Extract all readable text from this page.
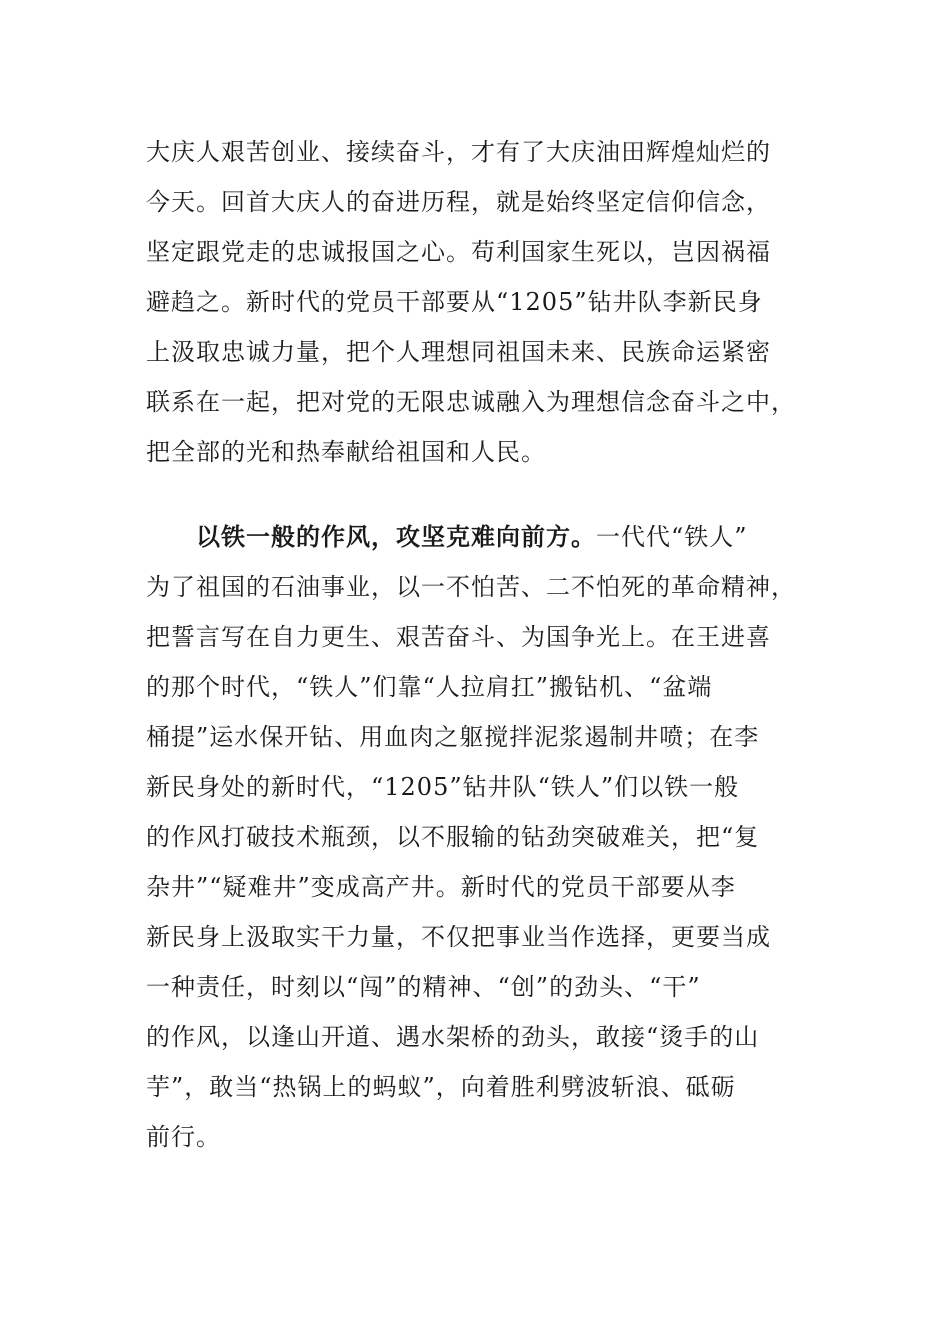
大庆人艰苦创业、接续奋斗，才有了大庆油田辉煌灿烂的
今天。回首大庆人的奋进历程，就是始终坚定信仰信念，
坚定跟党走的忠诚报国之心。苟利国家生死以，岂因祸福
避趋之。新时代的党员干部要从“1205”钻井队李新民身
上汲取忠诚力量，把个人理想同祖国未来、民族命运紧密
联系在一起，把对党的无限忠诚融入为理想信念奋斗之中，
把全部的光和热奉献给祖国和人民。
以铁一般的作风，攻坚克难向前方。一代代“铁人”
为了祖国的石油事业，以一不怕苦、二不怕死的革命精神，
把誓言写在自力更生、艰苦奋斗、为国争光上。在王进喜
的那个时代，“铁人”们靠“人拉肩扛”搬钻机、“盆端
桶提”运水保开钻、用血肉之躯搅拌泥浆遏制井喷；在李
新民身处的新时代，“1205”钻井队“铁人”们以铁一般
的作风打破技术瓶颈，以不服输的钻劲突破难关，把“复
杂井”“疑难井”变成高产井。新时代的党员干部要从李
新民身上汲取实干力量，不仅把事业当作选择，更要当成
一种责任，时刻以“闯”的精神、“创”的劲头、“干”
的作风，以逢山开道、遇水架桥的劲头，敢接“烫手的山
芋”，敢当“热锅上的蚂蚁”，向着胜利劈波斩浪、砥砺
前行。
